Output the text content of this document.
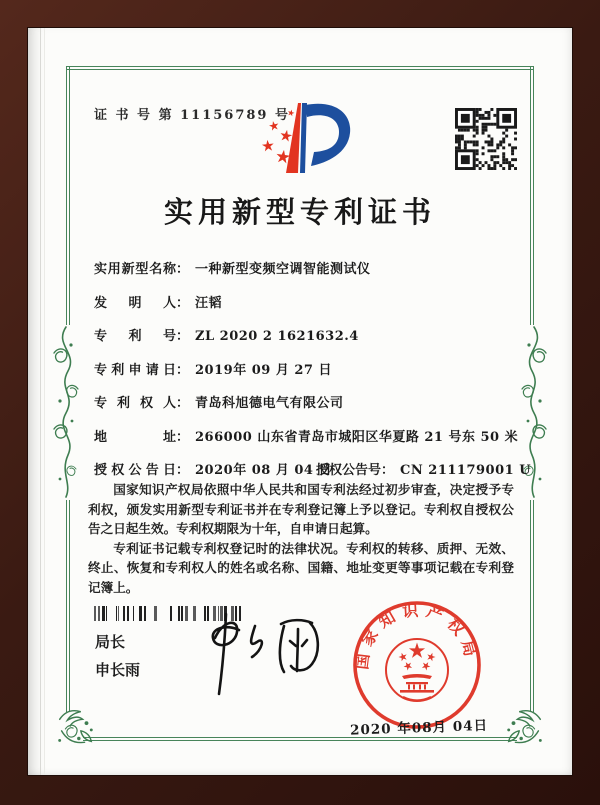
证 书 号 第 11156789 号
实用新型专利证书
实用新型名称： 一种新型变频空调智能测试仪
发明人： 汪韬
专利号： ZL 2020 2 1621632.4
专利申请日： 2019年 09 月 27 日
专利权人： 青岛科旭德电气有限公司
地址： 266000 山东省青岛市城阳区华夏路 21 号东 50 米
授权公告日： 2020年 08 月 04 日授权公告号： CN 211179001 U

国家知识产权局依照中华人民共和国专利法经过初步审查，决定授予专利权，颁发实用新型专利证书并在专利登记簿上予以登记。专利权自授权公告之日起生效。专利权期限为十年，自申请日起算。

专利证书记载专利权登记时的法律状况。专利权的转移、质押、无效、终止、恢复和专利权人的姓名或名称、国籍、地址变更等事项记载在专利登记簿上。

局长
申长雨	国家知识产权局
2020 年08月 04日
